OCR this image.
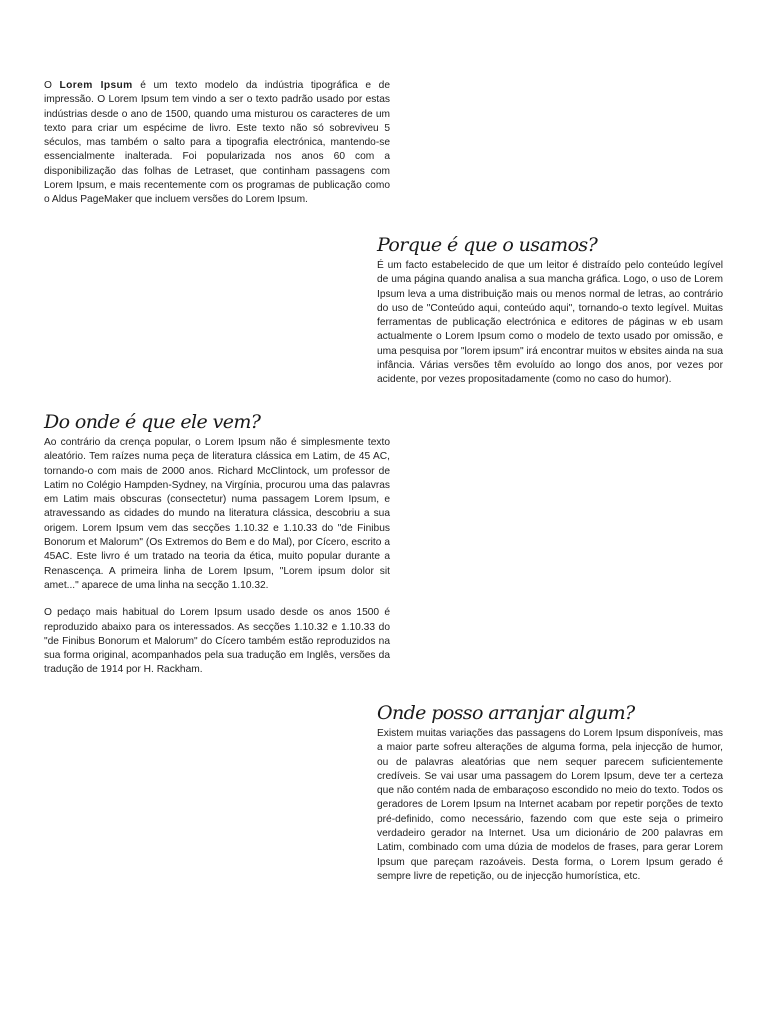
O Lorem Ipsum é um texto modelo da indústria tipográfica e de impressão. O Lorem Ipsum tem vindo a ser o texto padrão usado por estas indústrias desde o ano de 1500, quando uma misturou os caracteres de um texto para criar um espécime de livro. Este texto não só sobreviveu 5 séculos, mas também o salto para a tipografia electrónica, mantendo-se essencialmente inalterada. Foi popularizada nos anos 60 com a disponibilização das folhas de Letraset, que continham passagens com Lorem Ipsum, e mais recentemente com os programas de publicação como o Aldus PageMaker que incluem versões do Lorem Ipsum.

Porque é que o usamos?

É um facto estabelecido de que um leitor é distraído pelo conteúdo legível de uma página quando analisa a sua mancha gráfica. Logo, o uso de Lorem Ipsum leva a uma distribuição mais ou menos normal de letras, ao contrário do uso de "Conteúdo aqui, conteúdo aqui", tornando-o texto legível. Muitas ferramentas de publicação electrónica e editores de páginas w eb usam actualmente o Lorem Ipsum como o modelo de texto usado por omissão, e uma pesquisa por "lorem ipsum" irá encontrar muitos w ebsites ainda na sua infância. Várias versões têm evoluído ao longo dos anos, por vezes por acidente, por vezes propositadamente (como no caso do humor).

Do onde é que ele vem?

Ao contrário da crença popular, o Lorem Ipsum não é simplesmente texto aleatório. Tem raízes numa peça de literatura clássica em Latim, de 45 AC, tornando-o com mais de 2000 anos. Richard McClintock, um professor de Latim no Colégio Hampden-Sydney, na Virgínia, procurou uma das palavras em Latim mais obscuras (consectetur) numa passagem Lorem Ipsum, e atravessando as cidades do mundo na literatura clássica, descobriu a sua origem. Lorem Ipsum vem das secções 1.10.32 e 1.10.33 do "de Finibus Bonorum et Malorum" (Os Extremos do Bem e do Mal), por Cícero, escrito a 45AC. Este livro é um tratado na teoria da ética, muito popular durante a Renascença. A primeira linha de Lorem Ipsum, "Lorem ipsum dolor sit amet..." aparece de uma linha na secção 1.10.32.

O pedaço mais habitual do Lorem Ipsum usado desde os anos 1500 é reproduzido abaixo para os interessados. As secções 1.10.32 e 1.10.33 do "de Finibus Bonorum et Malorum" do Cícero também estão reproduzidos na sua forma original, acompanhados pela sua tradução em Inglês, versões da tradução de 1914 por H. Rackham.

Onde posso arranjar algum?

Existem muitas variações das passagens do Lorem Ipsum disponíveis, mas a maior parte sofreu alterações de alguma forma, pela injecção de humor, ou de palavras aleatórias que nem sequer parecem suficientemente credíveis. Se vai usar uma passagem do Lorem Ipsum, deve ter a certeza que não contém nada de embaraçoso escondido no meio do texto. Todos os geradores de Lorem Ipsum na Internet acabam por repetir porções de texto pré-definido, como necessário, fazendo com que este seja o primeiro verdadeiro gerador na Internet. Usa um dicionário de 200 palavras em Latim, combinado com uma dúzia de modelos de frases, para gerar Lorem Ipsum que pareçam razoáveis. Desta forma, o Lorem Ipsum gerado é sempre livre de repetição, ou de injecção humorística, etc.
